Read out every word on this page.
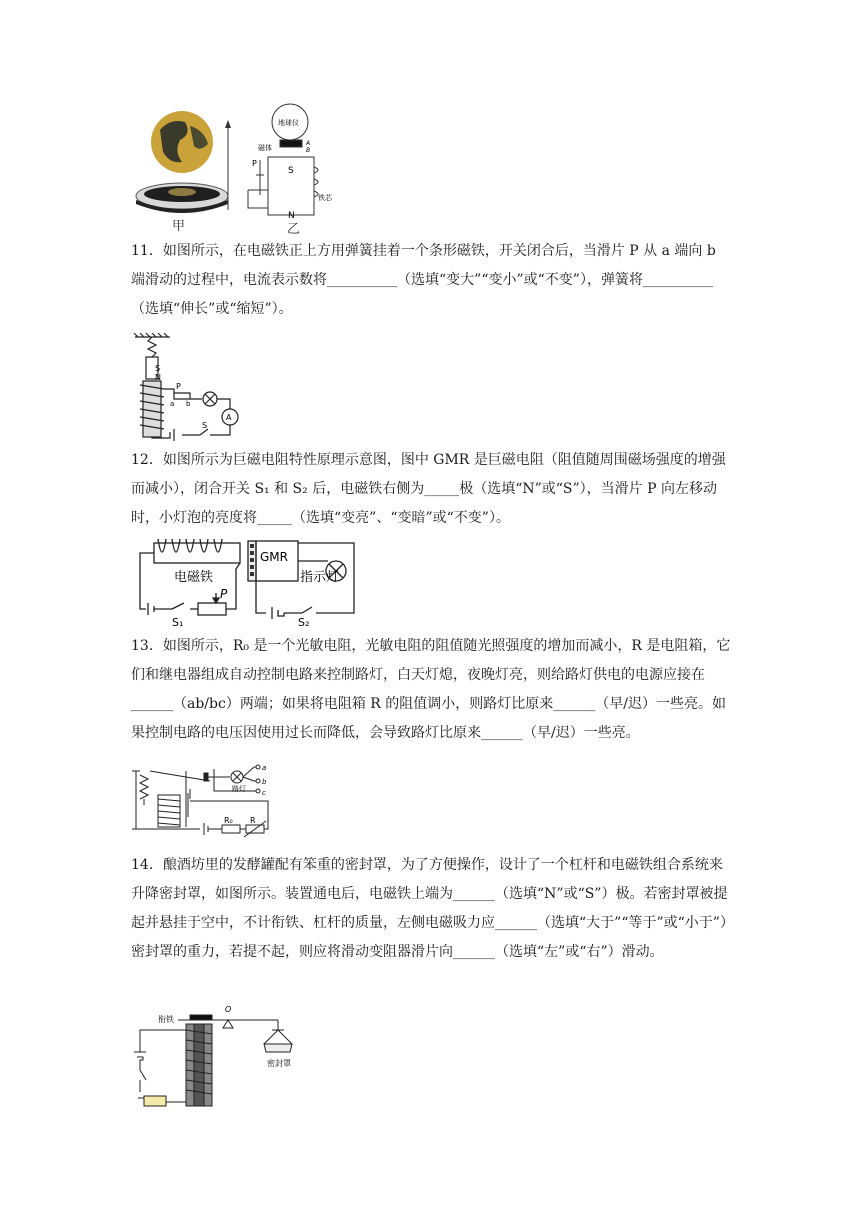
甲
地球仪
磁体
A
B
P
S
N
铁芯
乙

11．如图所示，在电磁铁正上方用弹簧挂着一个条形磁铁，开关闭合后，当滑片 P 从 a 端向 b 端滑动的过程中，电流表示数将__________（选填“变大”“变小”或“不变”），弹簧将__________（选填“伸长”或“缩短”）。

S
N
P
a b
S
A

12．如图所示为巨磁电阻特性原理示意图，图中 GMR 是巨磁电阻（阻值随周围磁场强度的增强而减小），闭合开关 S₁ 和 S₂ 后，电磁铁右侧为_____极（选填“N”或“S”），当滑片 P 向左移动时，小灯泡的亮度将_____（选填“变亮”、“变暗”或“不变”）。

电磁铁
GMR
指示灯
P
S₁	S₂

13．如图所示，R₀ 是一个光敏电阻，光敏电阻的阻值随光照强度的增加而减小，R 是电阻箱，它们和继电器组成自动控制电路来控制路灯，白天灯熄，夜晚灯亮，则给路灯供电的电源应接在______（ab/bc）两端；如果将电阻箱 R 的阻值调小，则路灯比原来______（早/迟）一些亮。如果控制电路的电压因使用过长而降低，会导致路灯比原来______（早/迟）一些亮。

a
b
c
路灯
R₀ R

14．酿酒坊里的发酵罐配有笨重的密封罩，为了方便操作，设计了一个杠杆和电磁铁组合系统来升降密封罩，如图所示。装置通电后，电磁铁上端为______（选填“N”或“S”）极。若密封罩被提起并悬挂于空中，不计衔铁、杠杆的质量，左侧电磁吸力应______（选填“大于”“等于”或“小于”）密封罩的重力，若提不起，则应将滑动变阻器滑片向______（选填“左”或“右”）滑动。

衔铁
O
密封罩
